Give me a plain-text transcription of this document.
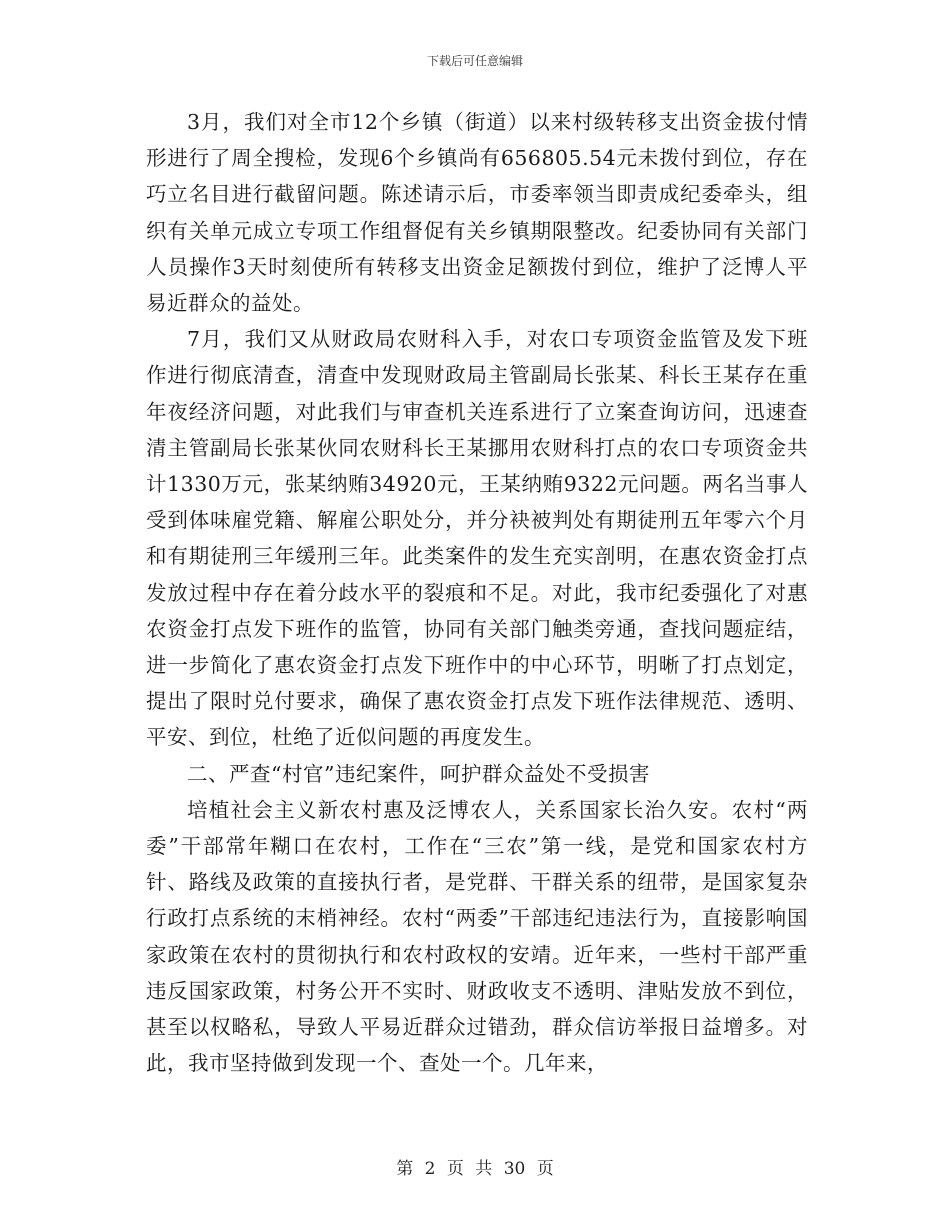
下载后可任意编辑

3月，我们对全市12个乡镇（街道）以来村级转移支出资金拔付情形进行了周全搜检，发现6个乡镇尚有656805.54元未拨付到位，存在巧立名目进行截留问题。陈述请示后，市委率领当即责成纪委牵头，组织有关单元成立专项工作组督促有关乡镇期限整改。纪委协同有关部门人员操作3天时刻使所有转移支出资金足额拨付到位，维护了泛博人平易近群众的益处。

7月，我们又从财政局农财科入手，对农口专项资金监管及发下班作进行彻底清查，清查中发现财政局主管副局长张某、科长王某存在重年夜经济问题，对此我们与审查机关连系进行了立案查询访问，迅速查清主管副局长张某伙同农财科长王某挪用农财科打点的农口专项资金共计1330万元，张某纳贿34920元，王某纳贿9322元问题。两名当事人受到体味雇党籍、解雇公职处分，并分袂被判处有期徒刑五年零六个月和有期徒刑三年缓刑三年。此类案件的发生充实剖明，在惠农资金打点发放过程中存在着分歧水平的裂痕和不足。对此，我市纪委强化了对惠农资金打点发下班作的监管，协同有关部门触类旁通，查找问题症结，进一步简化了惠农资金打点发下班作中的中心环节，明晰了打点划定，提出了限时兑付要求，确保了惠农资金打点发下班作法律规范、透明、平安、到位，杜绝了近似问题的再度发生。

二、严查“村官”违纪案件，呵护群众益处不受损害

培植社会主义新农村惠及泛博农人，关系国家长治久安。农村“两委”干部常年糊口在农村，工作在“三农”第一线，是党和国家农村方针、路线及政策的直接执行者，是党群、干群关系的纽带，是国家复杂行政打点系统的末梢神经。农村“两委”干部违纪违法行为，直接影响国家政策在农村的贯彻执行和农村政权的安靖。近年来，一些村干部严重违反国家政策，村务公开不实时、财政收支不透明、津贴发放不到位，甚至以权略私，导致人平易近群众过错劲，群众信访举报日益增多。对此，我市坚持做到发现一个、查处一个。几年来，

第 2 页 共 30 页
